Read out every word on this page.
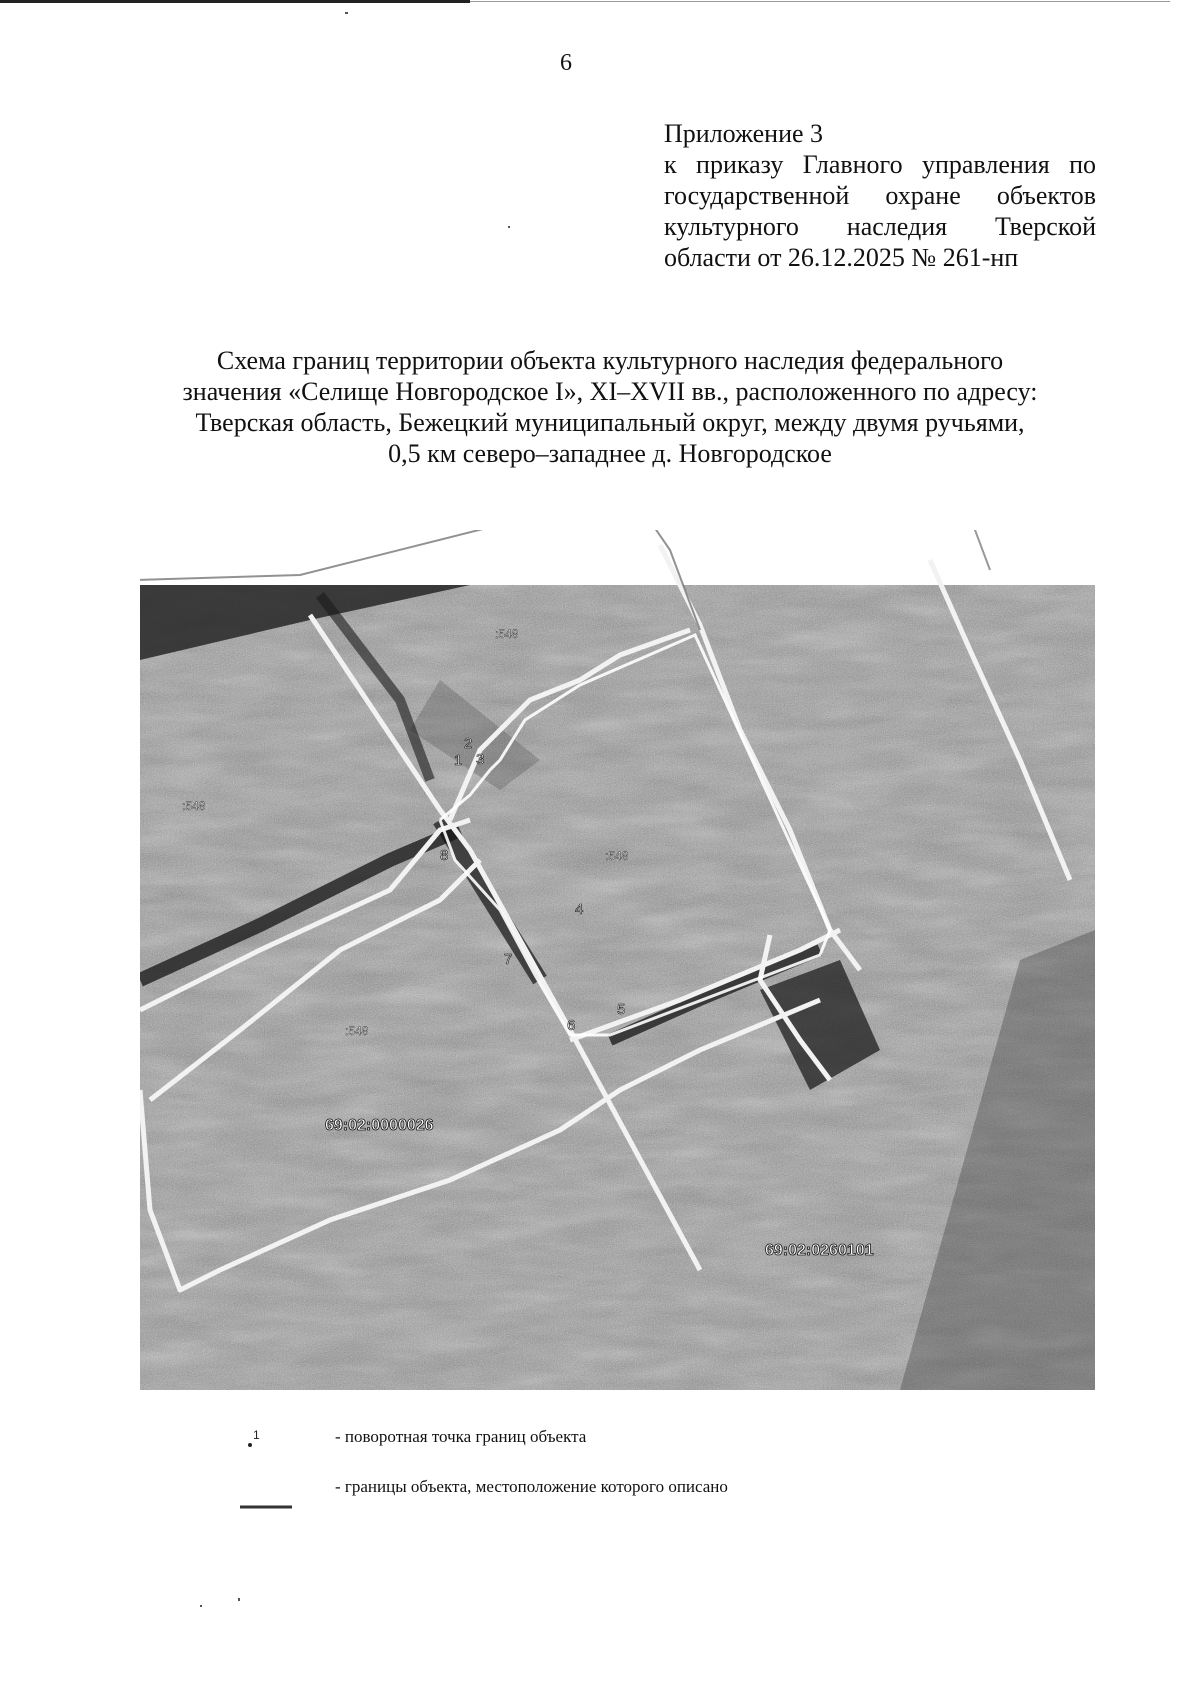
6
Приложение 3
к приказу Главного управления по
государственной охране объектов
культурного наследия Тверской
области от 26.12.2025 № 261-нп
Схема границ территории объекта культурного наследия федерального
значения «Селище Новгородское I», XI–XVII вв., расположенного по адресу:
Тверская область, Бежецкий муниципальный округ, между двумя ручьями,
0,5 км северо–западнее д. Новгородское
1
2
3
4
5
6
7
8
:548
:548
:548
:548
69:02:0000026
69:02:0260101
1	- поворотная точка границ объекта
- границы объекта, местоположение которого описано
